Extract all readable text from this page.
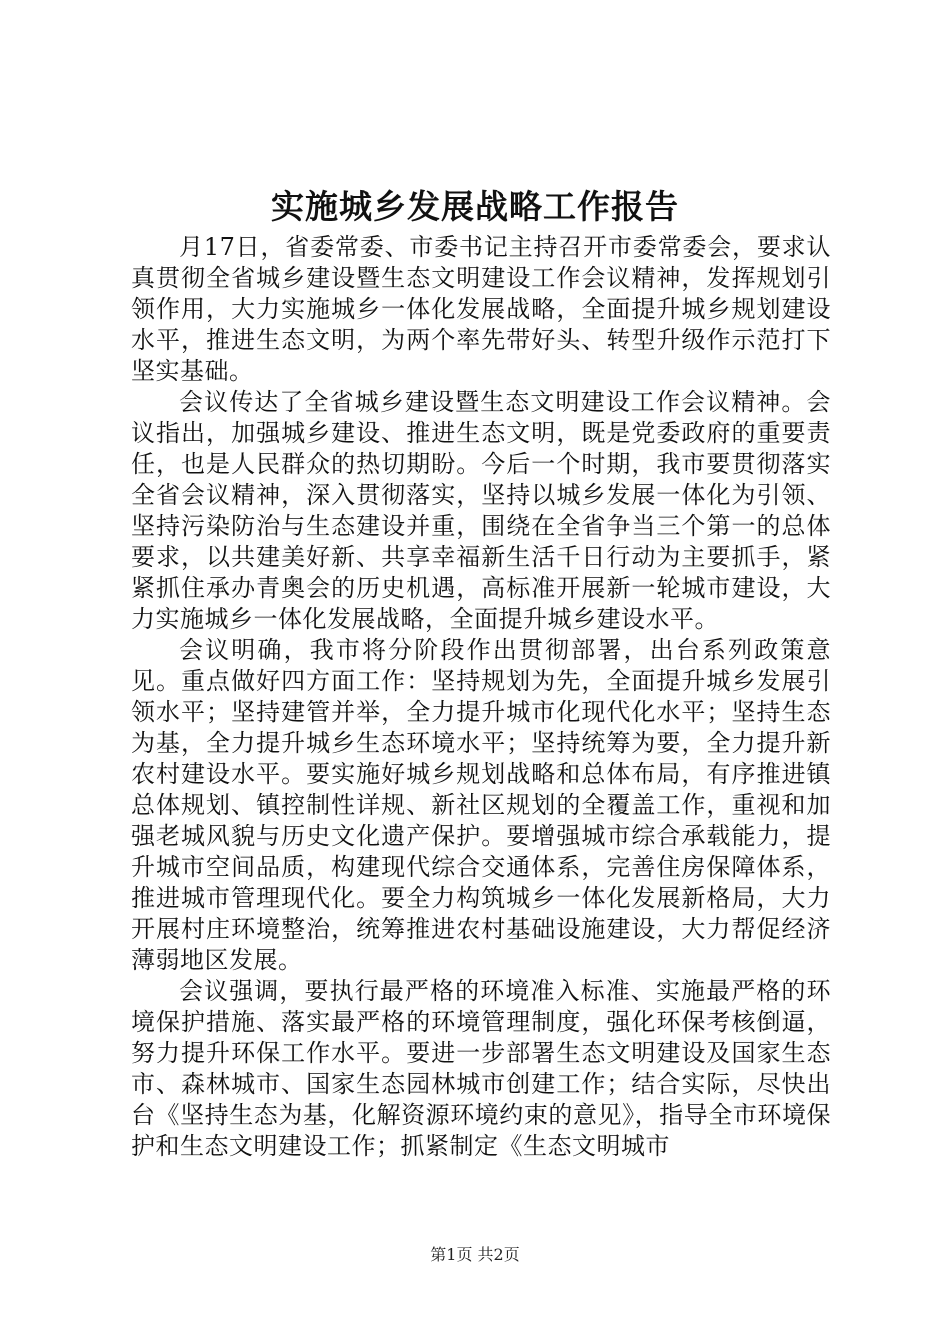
实施城乡发展战略工作报告

月17日，省委常委、市委书记主持召开市委常委会，要求认真贯彻全省城乡建设暨生态文明建设工作会议精神，发挥规划引领作用，大力实施城乡一体化发展战略，全面提升城乡规划建设水平，推进生态文明，为两个率先带好头、转型升级作示范打下坚实基础。

会议传达了全省城乡建设暨生态文明建设工作会议精神。会议指出，加强城乡建设、推进生态文明，既是党委政府的重要责任，也是人民群众的热切期盼。今后一个时期，我市要贯彻落实全省会议精神，深入贯彻落实，坚持以城乡发展一体化为引领、坚持污染防治与生态建设并重，围绕在全省争当三个第一的总体要求，以共建美好新、共享幸福新生活千日行动为主要抓手，紧紧抓住承办青奥会的历史机遇，高标准开展新一轮城市建设，大力实施城乡一体化发展战略，全面提升城乡建设水平。

会议明确，我市将分阶段作出贯彻部署，出台系列政策意见。重点做好四方面工作：坚持规划为先，全面提升城乡发展引领水平；坚持建管并举，全力提升城市化现代化水平；坚持生态为基，全力提升城乡生态环境水平；坚持统筹为要，全力提升新农村建设水平。要实施好城乡规划战略和总体布局，有序推进镇总体规划、镇控制性详规、新社区规划的全覆盖工作，重视和加强老城风貌与历史文化遗产保护。要增强城市综合承载能力，提升城市空间品质，构建现代综合交通体系，完善住房保障体系，推进城市管理现代化。要全力构筑城乡一体化发展新格局，大力开展村庄环境整治，统筹推进农村基础设施建设，大力帮促经济薄弱地区发展。

会议强调，要执行最严格的环境准入标准、实施最严格的环境保护措施、落实最严格的环境管理制度，强化环保考核倒逼，努力提升环保工作水平。要进一步部署生态文明建设及国家生态市、森林城市、国家生态园林城市创建工作；结合实际，尽快出台《坚持生态为基，化解资源环境约束的意见》，指导全市环境保护和生态文明建设工作；抓紧制定《生态文明城市

第1页 共2页
